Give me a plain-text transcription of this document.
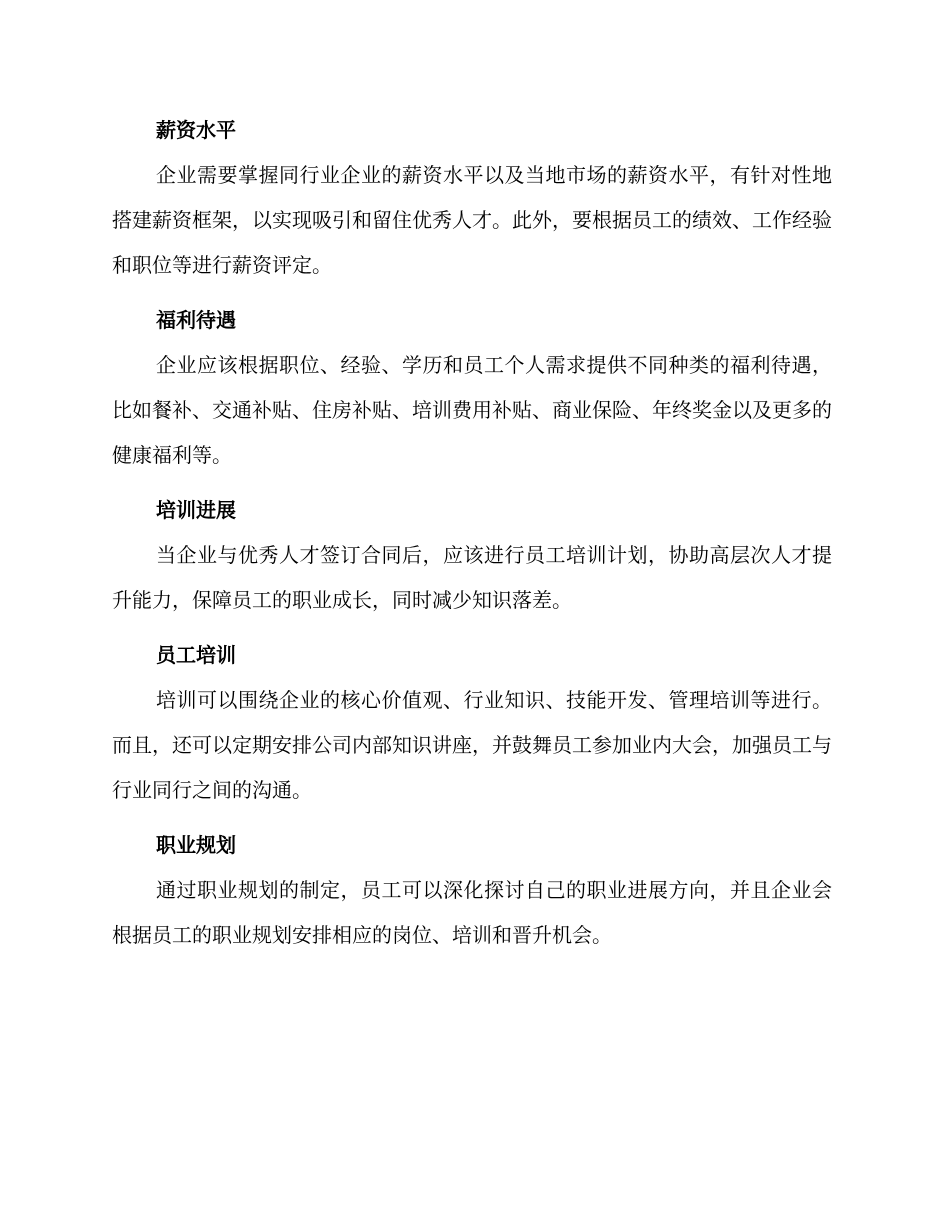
薪资水平

企业需要掌握同行业企业的薪资水平以及当地市场的薪资水平，有针对性地搭建薪资框架，以实现吸引和留住优秀人才。此外，要根据员工的绩效、工作经验和职位等进行薪资评定。

福利待遇

企业应该根据职位、经验、学历和员工个人需求提供不同种类的福利待遇，比如餐补、交通补贴、住房补贴、培训费用补贴、商业保险、年终奖金以及更多的健康福利等。

培训进展

当企业与优秀人才签订合同后，应该进行员工培训计划，协助高层次人才提升能力，保障员工的职业成长，同时减少知识落差。

员工培训

培训可以围绕企业的核心价值观、行业知识、技能开发、管理培训等进行。而且，还可以定期安排公司内部知识讲座，并鼓舞员工参加业内大会，加强员工与行业同行之间的沟通。

职业规划

通过职业规划的制定，员工可以深化探讨自己的职业进展方向，并且企业会根据员工的职业规划安排相应的岗位、培训和晋升机会。
